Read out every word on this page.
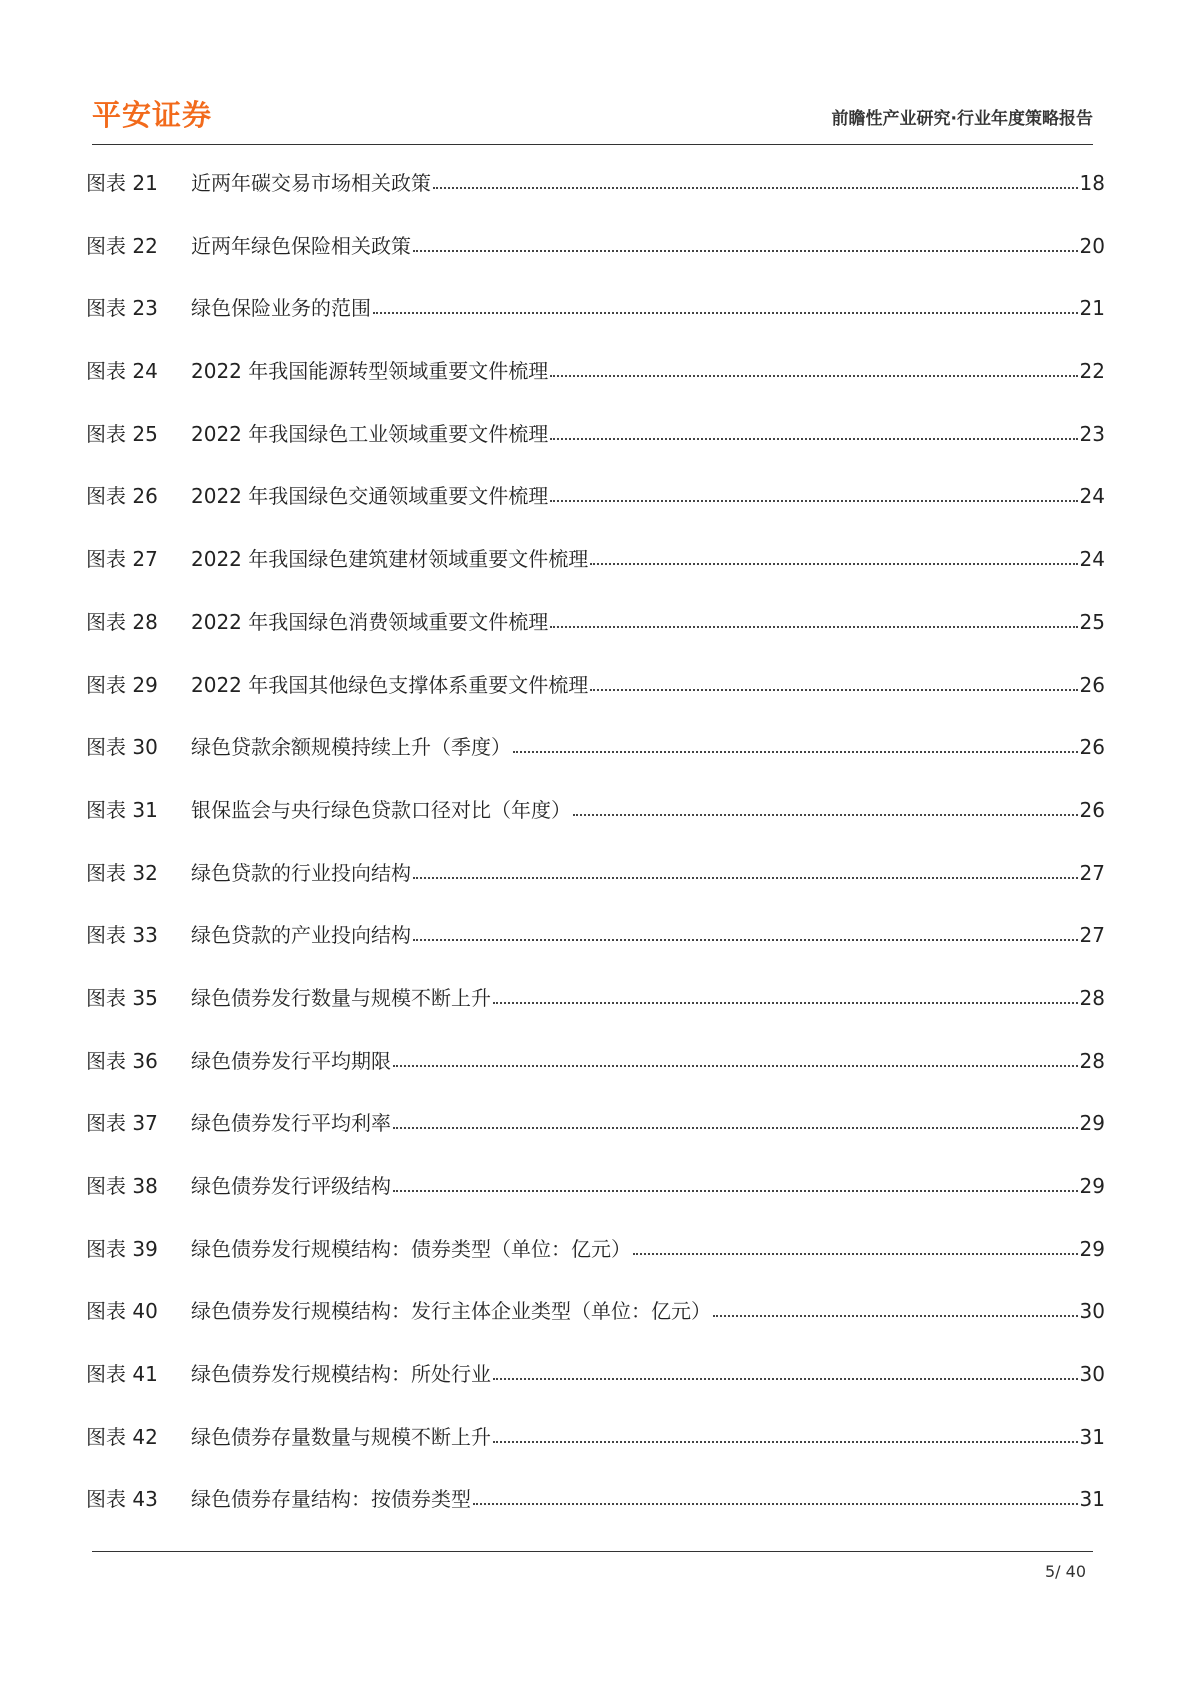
平安证券	前瞻性产业研究·行业年度策略报告
图表 21	近两年碳交易市场相关政策	18
图表 22	近两年绿色保险相关政策	20
图表 23	绿色保险业务的范围	21
图表 24	2022 年我国能源转型领域重要文件梳理	22
图表 25	2022 年我国绿色工业领域重要文件梳理	23
图表 26	2022 年我国绿色交通领域重要文件梳理	24
图表 27	2022 年我国绿色建筑建材领域重要文件梳理	24
图表 28	2022 年我国绿色消费领域重要文件梳理	25
图表 29	2022 年我国其他绿色支撑体系重要文件梳理	26
图表 30	绿色贷款余额规模持续上升（季度）	26
图表 31	银保监会与央行绿色贷款口径对比（年度）	26
图表 32	绿色贷款的行业投向结构	27
图表 33	绿色贷款的产业投向结构	27
图表 35	绿色债券发行数量与规模不断上升	28
图表 36	绿色债券发行平均期限	28
图表 37	绿色债券发行平均利率	29
图表 38	绿色债券发行评级结构	29
图表 39	绿色债券发行规模结构：债券类型（单位：亿元）	29
图表 40	绿色债券发行规模结构：发行主体企业类型（单位：亿元）	30
图表 41	绿色债券发行规模结构：所处行业	30
图表 42	绿色债券存量数量与规模不断上升	31
图表 43	绿色债券存量结构：按债券类型	31
5/ 40
